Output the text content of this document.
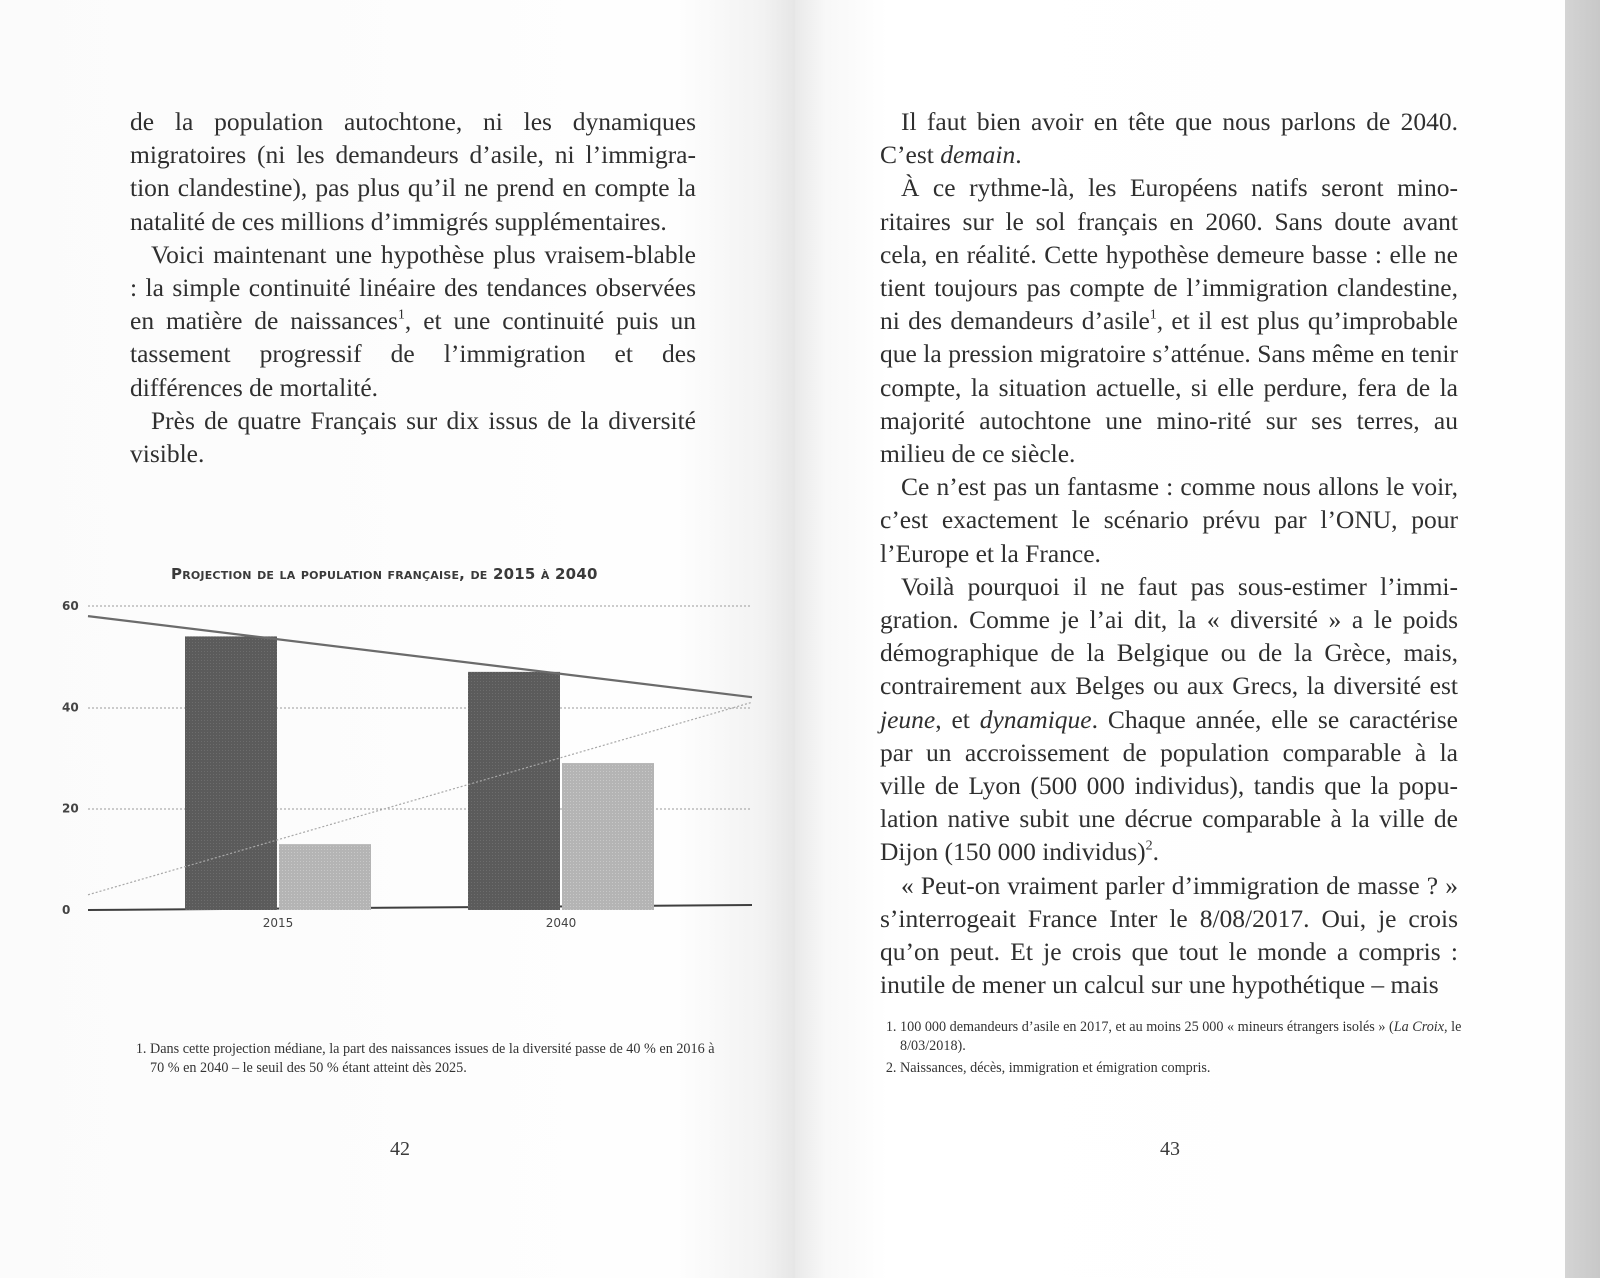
de la population autochtone, ni les dynamiques migratoires (ni les demandeurs d’asile, ni l’immigra-tion clandestine), pas plus qu’il ne prend en compte la natalité de ces millions d’immigrés supplémentaires.

Voici maintenant une hypothèse plus vraisem-blable : la simple continuité linéaire des tendances observées en matière de naissances$^1$, et une continuité puis un tassement progressif de l’immigration et des différences de mortalité.

Près de quatre Français sur dix issus de la diversité visible.

Projection de la population française, de 2015 à 2040
0
20
40
60
2015	2040
1. Dans cette projection médiane, la part des naissances issues de la diversité passe de 40 % en 2016 à 70 % en 2040 – le seuil des 50 % étant atteint dès 2025.
42

Il faut bien avoir en tête que nous parlons de 2040. C’est demain.

À ce rythme-là, les Européens natifs seront mino-ritaires sur le sol français en 2060. Sans doute avant cela, en réalité. Cette hypothèse demeure basse : elle ne tient toujours pas compte de l’immigration clandestine, ni des demandeurs d’asile$^1$, et il est plus qu’improbable que la pression migratoire s’atténue. Sans même en tenir compte, la situation actuelle, si elle perdure, fera de la majorité autochtone une mino-rité sur ses terres, au milieu de ce siècle.

Ce n’est pas un fantasme : comme nous allons le voir, c’est exactement le scénario prévu par l’ONU, pour l’Europe et la France.

Voilà pourquoi il ne faut pas sous-estimer l’immi-gration. Comme je l’ai dit, la « diversité » a le poids démographique de la Belgique ou de la Grèce, mais, contrairement aux Belges ou aux Grecs, la diversité est jeune, et dynamique. Chaque année, elle se caractérise par un accroissement de population comparable à la ville de Lyon (500 000 individus), tandis que la popu-lation native subit une décrue comparable à la ville de Dijon (150 000 individus)$^2$.

« Peut-on vraiment parler d’immigration de masse ? » s’interrogeait France Inter le 8/08/2017. Oui, je crois qu’on peut. Et je crois que tout le monde a compris : inutile de mener un calcul sur une hypothétique – mais

1. 100 000 demandeurs d’asile en 2017, et au moins 25 000 « mineurs étrangers isolés » (La Croix, le 8/03/2018).
2. Naissances, décès, immigration et émigration compris.
43
